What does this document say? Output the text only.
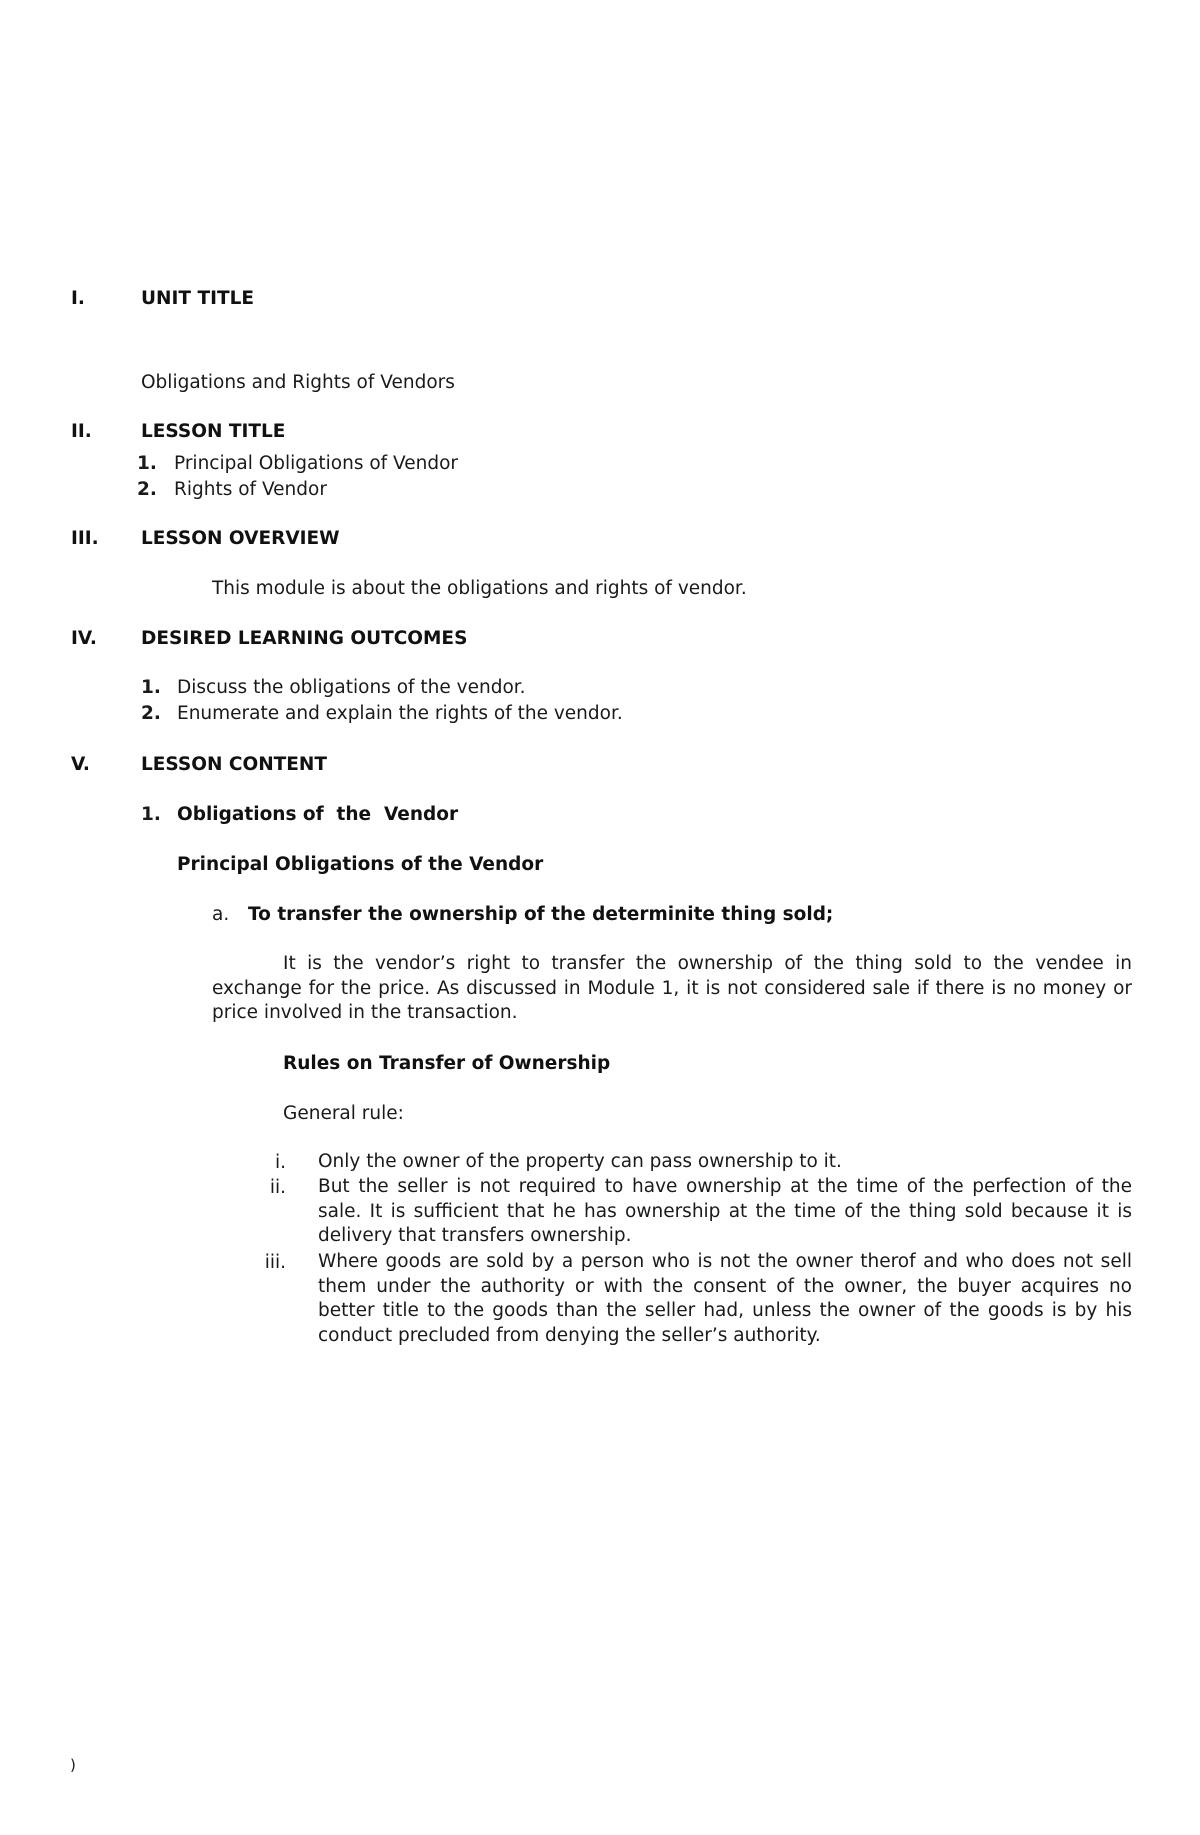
I.	UNIT TITLE
Obligations and Rights of Vendors
II.	LESSON TITLE
1. Principal Obligations of Vendor
2. Rights of Vendor
III. LESSON OVERVIEW
This module is about the obligations and rights of vendor.
IV. DESIRED LEARNING OUTCOMES
1. Discuss the obligations of the vendor.
2. Enumerate and explain the rights of the vendor.
V.	LESSON CONTENT
1. Obligations of  the  Vendor
Principal Obligations of the Vendor
a. To transfer the ownership of the determinite thing sold;
It is the vendor’s right to transfer the ownership of the thing sold to the vendee in exchange for the price. As discussed in Module 1, it is not considered sale if there is no money or price involved in the transaction.
Rules on Transfer of Ownership
General rule:
i. Only the owner of the property can pass ownership to it.
ii. But the seller is not required to have ownership at the time of the perfection of the sale. It is sufficient that he has ownership at the time of the thing sold because it is delivery that transfers ownership.
iii. Where goods are sold by a person who is not the owner therof and who does not sell them under the authority or with the consent of the owner, the buyer acquires no better title to the goods than the seller had, unless the owner of the goods is by his conduct precluded from denying the seller’s authority.
)
